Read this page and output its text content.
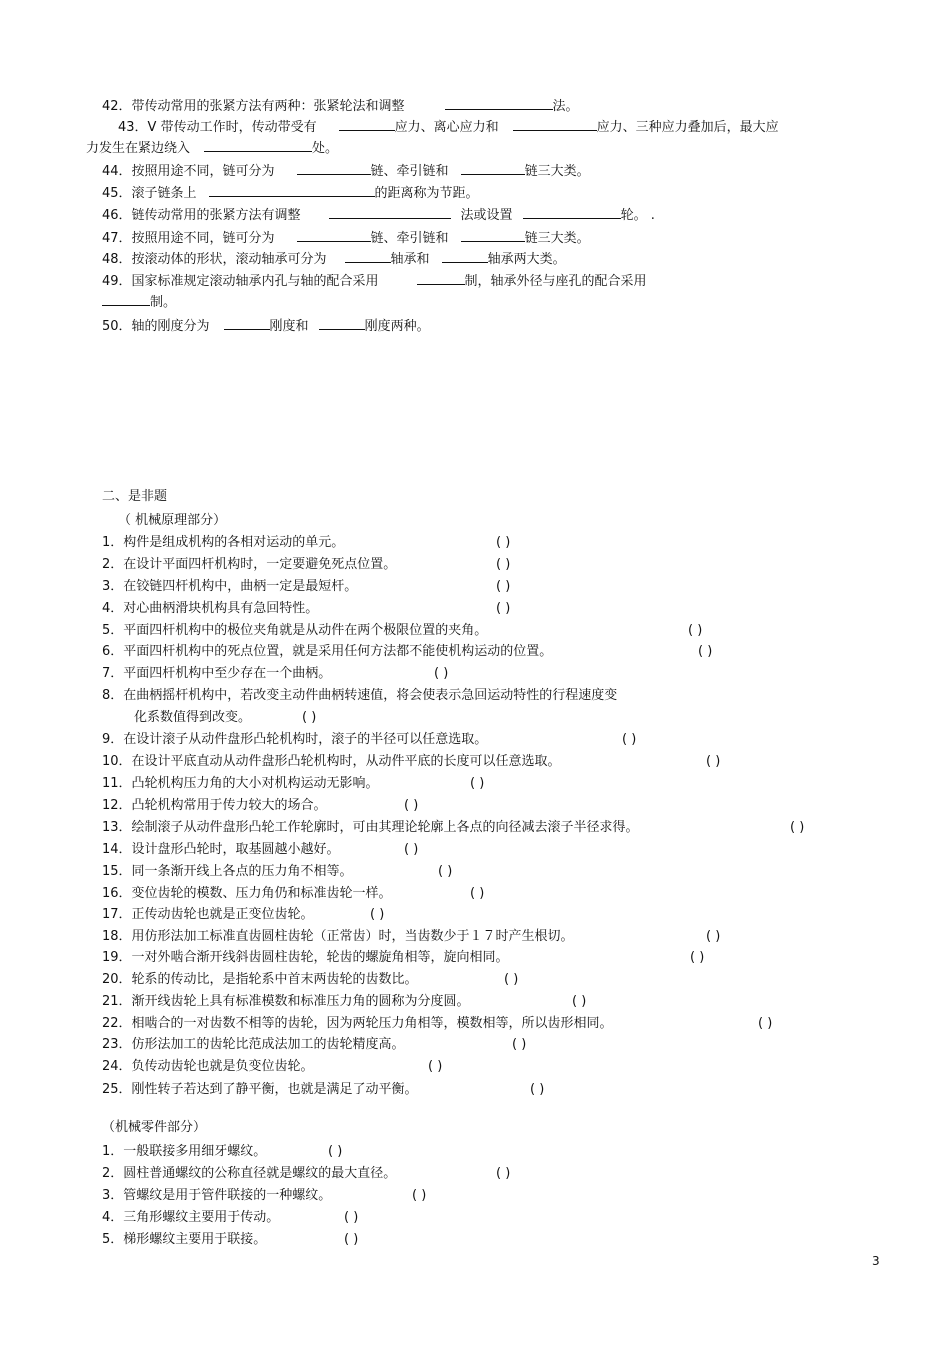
42．带传动常用的张紧方法有两种：张紧轮法和调整	法。
43．V 带传动工作时，传动带受有	应力、离心应力和	应力、三种应力叠加后，最大应
力发生在紧边绕入	处。
44．按照用途不同，链可分为	链、牵引链和	链三大类。
45．滚子链条上	的距离称为节距。
46．链传动常用的张紧方法有调整	法或设置	轮。 .
47．按照用途不同，链可分为	链、牵引链和	链三大类。
48．按滚动体的形状，滚动轴承可分为	轴承和	轴承两大类。
49．国家标准规定滚动轴承内孔与轴的配合采用	制，轴承外径与座孔的配合采用
制。
50．轴的刚度分为	刚度和	刚度两种。
二、是非题
（ 机械原理部分）
1．构件是组成机构的各相对运动的单元。	( )
2．在设计平面四杆机构时，一定要避免死点位置。	( )
3．在铰链四杆机构中，曲柄一定是最短杆。	( )
4．对心曲柄滑块机构具有急回特性。	( )
5．平面四杆机构中的极位夹角就是从动件在两个极限位置的夹角。	( )
6．平面四杆机构中的死点位置，就是采用任何方法都不能使机构运动的位置。	( )
7．平面四杆机构中至少存在一个曲柄。	( )
8．在曲柄摇杆机构中，若改变主动件曲柄转速值，将会使表示急回运动特性的行程速度变
化系数值得到改变。	( )
9．在设计滚子从动件盘形凸轮机构时，滚子的半径可以任意选取。	( )
10．在设计平底直动从动件盘形凸轮机构时，从动件平底的长度可以任意选取。	( )
11．凸轮机构压力角的大小对机构运动无影响。	( )
12．凸轮机构常用于传力较大的场合。	( )
13．绘制滚子从动件盘形凸轮工作轮廓时，可由其理论轮廓上各点的向径减去滚子半径求得。	( )
14．设计盘形凸轮时，取基圆越小越好。	( )
15．同一条渐开线上各点的压力角不相等。	( )
16．变位齿轮的模数、压力角仍和标准齿轮一样。	( )
17．正传动齿轮也就是正变位齿轮。	( )
18．用仿形法加工标准直齿圆柱齿轮（正常齿）时，当齿数少于１７时产生根切。	( )
19．一对外啮合渐开线斜齿圆柱齿轮，轮齿的螺旋角相等，旋向相同。	( )
20．轮系的传动比，是指轮系中首末两齿轮的齿数比。	( )
21．渐开线齿轮上具有标准模数和标准压力角的圆称为分度圆。	( )
22．相啮合的一对齿数不相等的齿轮，因为两轮压力角相等，模数相等，所以齿形相同。	( )
23．仿形法加工的齿轮比范成法加工的齿轮精度高。	( )
24．负传动齿轮也就是负变位齿轮。	( )
25．刚性转子若达到了静平衡，也就是满足了动平衡。	( )
（机械零件部分）
1．一般联接多用细牙螺纹。	( )
2．圆柱普通螺纹的公称直径就是螺纹的最大直径。	( )
3．管螺纹是用于管件联接的一种螺纹。	( )
4．三角形螺纹主要用于传动。	( )
5．梯形螺纹主要用于联接。	( )
3
